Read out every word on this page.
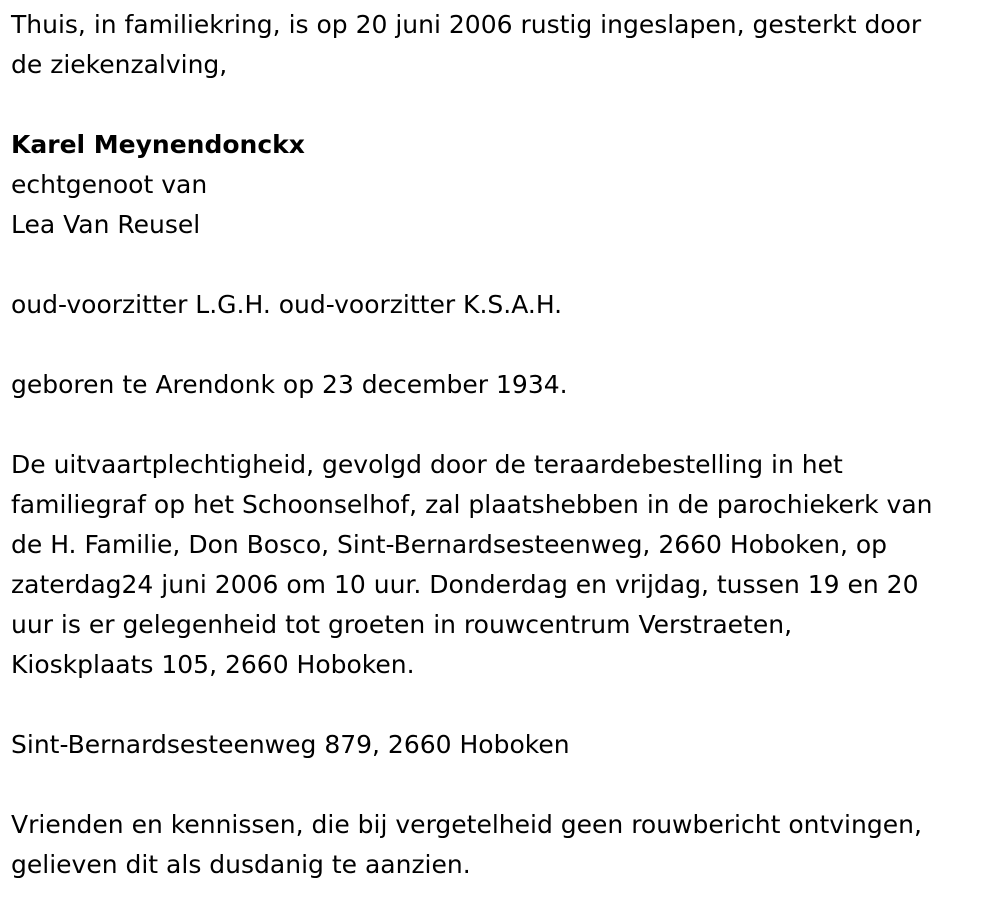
Thuis, in familiekring, is op 20 juni 2006 rustig ingeslapen, gesterkt door
de ziekenzalving,
Karel Meynendonckx
echtgenoot van
Lea Van Reusel
oud-voorzitter L.G.H. oud-voorzitter K.S.A.H.
geboren te Arendonk op 23 december 1934.
De uitvaartplechtigheid, gevolgd door de teraardebestelling in het
familiegraf op het Schoonselhof, zal plaatshebben in de parochiekerk van
de H. Familie, Don Bosco, Sint-Bernardsesteenweg, 2660 Hoboken, op
zaterdag24 juni 2006 om 10 uur. Donderdag en vrijdag, tussen 19 en 20
uur is er gelegenheid tot groeten in rouwcentrum Verstraeten,
Kioskplaats 105, 2660 Hoboken.
Sint-Bernardsesteenweg 879, 2660 Hoboken
Vrienden en kennissen, die bij vergetelheid geen rouwbericht ontvingen,
gelieven dit als dusdanig te aanzien.
